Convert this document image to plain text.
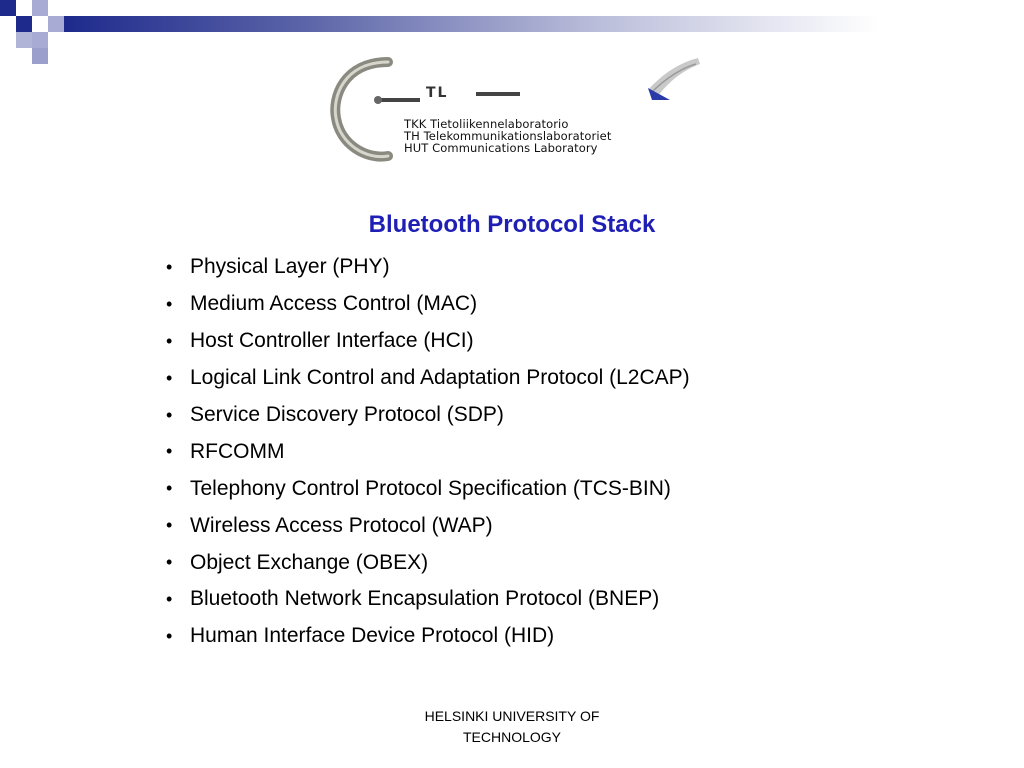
TL
TKK Tietoliikennelaboratorio
TH Telekommunikationslaboratoriet
HUT Communications Laboratory
Bluetooth Protocol Stack
• Physical Layer (PHY)
• Medium Access Control (MAC)
• Host Controller Interface (HCI)
• Logical Link Control and Adaptation Protocol (L2CAP)
• Service Discovery Protocol (SDP)
• RFCOMM
• Telephony Control Protocol Specification (TCS-BIN)
• Wireless Access Protocol (WAP)
• Object Exchange (OBEX)
• Bluetooth Network Encapsulation Protocol (BNEP)
• Human Interface Device Protocol (HID)
HELSINKI UNIVERSITY OF
TECHNOLOGY
